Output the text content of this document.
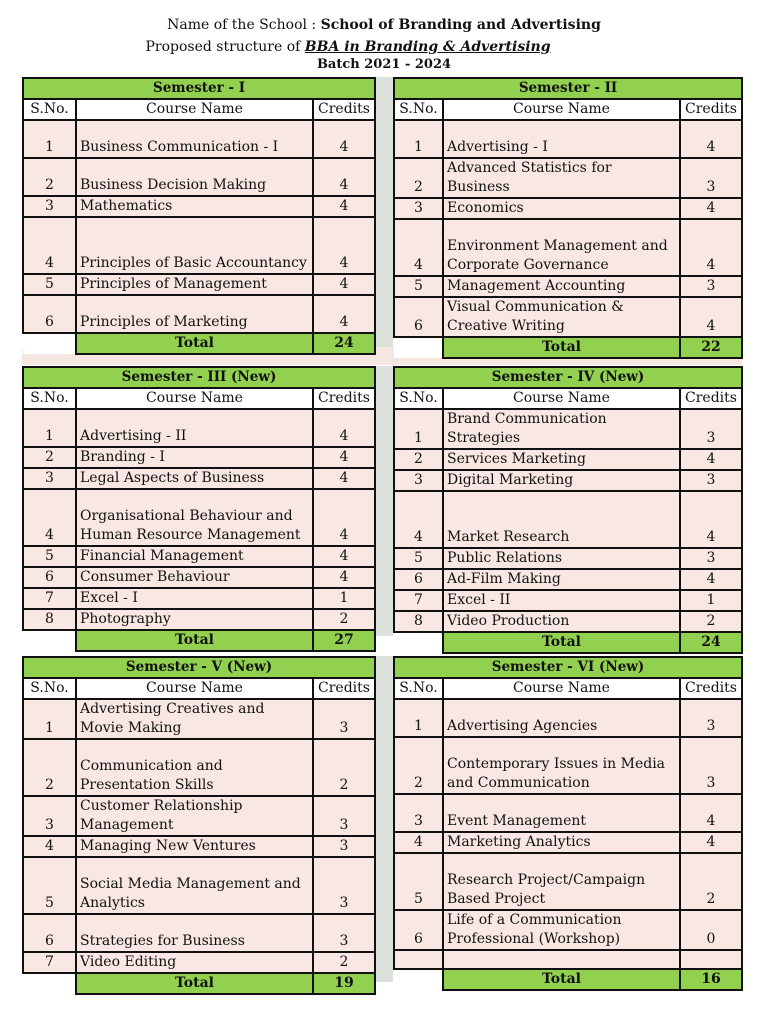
Name of the School : School of Branding and Advertising
Proposed structure of BBA in Branding & Advertising
Batch 2021 - 2024
Semester - I		
S.No.	Course Name	Credits
1	Business Communication - I	4
2	Business Decision Making	4
3	Mathematics	4
4	Principles of Basic Accountancy	4
5	Principles of Management	4
6	Principles of Marketing	4
	Total	24
Semester - II		
S.No.	Course Name	Credits
1	Advertising - I	4
2	Advanced Statistics for Business	3
3	Economics	4
4	Environment Management and Corporate Governance	4
5	Management Accounting	3
6	Visual Communication & Creative Writing	4
	Total	22
Semester - III (New)		
S.No.	Course Name	Credits
1	Advertising - II	4
2	Branding - I	4
3	Legal Aspects of Business	4
4	Organisational Behaviour and Human Resource Management	4
5	Financial Management	4
6	Consumer Behaviour	4
7	Excel - I	1
8	Photography	2
	Total	27
Semester - IV (New)		
S.No.	Course Name	Credits
1	Brand Communication Strategies	3
2	Services Marketing	4
3	Digital Marketing	3
4	Market Research	4
5	Public Relations	3
6	Ad-Film Making	4
7	Excel - II	1
8	Video Production	2
	Total	24
Semester - V (New)		
S.No.	Course Name	Credits
1	Advertising Creatives and Movie Making	3
2	Communication and Presentation Skills	2
3	Customer Relationship Management	3
4	Managing New Ventures	3
5	Social Media Management and Analytics	3
6	Strategies for Business	3
7	Video Editing	2
	Total	19
Semester - VI (New)		
S.No.	Course Name	Credits
1	Advertising Agencies	3
2	Contemporary Issues in Media and Communication	3
3	Event Management	4
4	Marketing Analytics	4
5	Research Project/Campaign Based Project	2
6	Life of a Communication Professional (Workshop)	0

	Total	16
